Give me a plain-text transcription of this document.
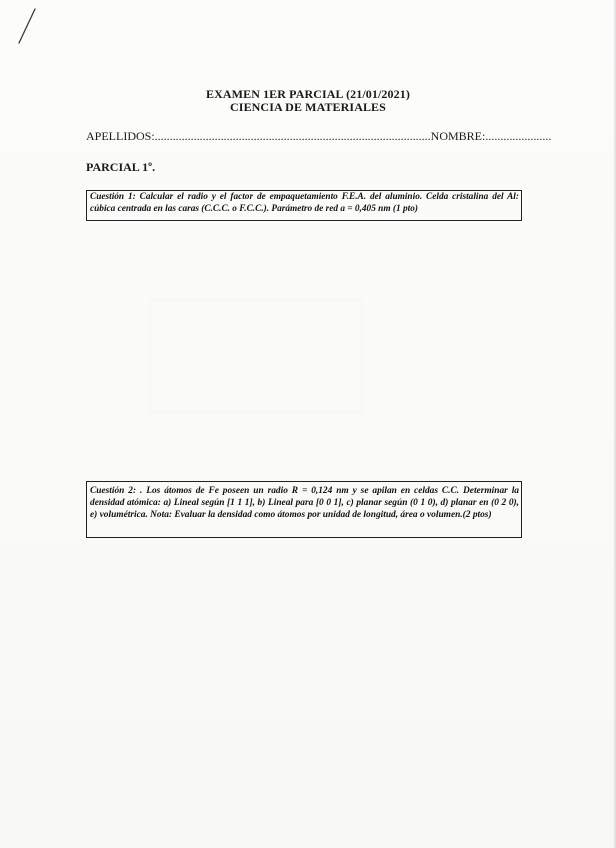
EXAMEN 1ER PARCIAL (21/01/2021)
CIENCIA DE MATERIALES
APELLIDOS:............................................................................................NOMBRE:......................
PARCIAL 1º.
Cuestión 1: Calcular el radio y el factor de empaquetamiento F.E.A. del aluminio. Celda cristalina del Al: cúbica centrada en las caras (C.C.C. o F.C.C.). Parámetro de red a = 0,405 nm (1 pto)
Cuestión 2: . Los átomos de Fe poseen un radio R = 0,124 nm y se apilan en celdas C.C. Determinar la densidad atómica: a) Lineal según [1 1 1], b) Lineal para [0 0 1], c) planar según (0 1 0), d) planar en (0 2 0), e) volumétrica. Nota: Evaluar la densidad como átomos por unidad de longitud, área o volumen.(2 ptos)
